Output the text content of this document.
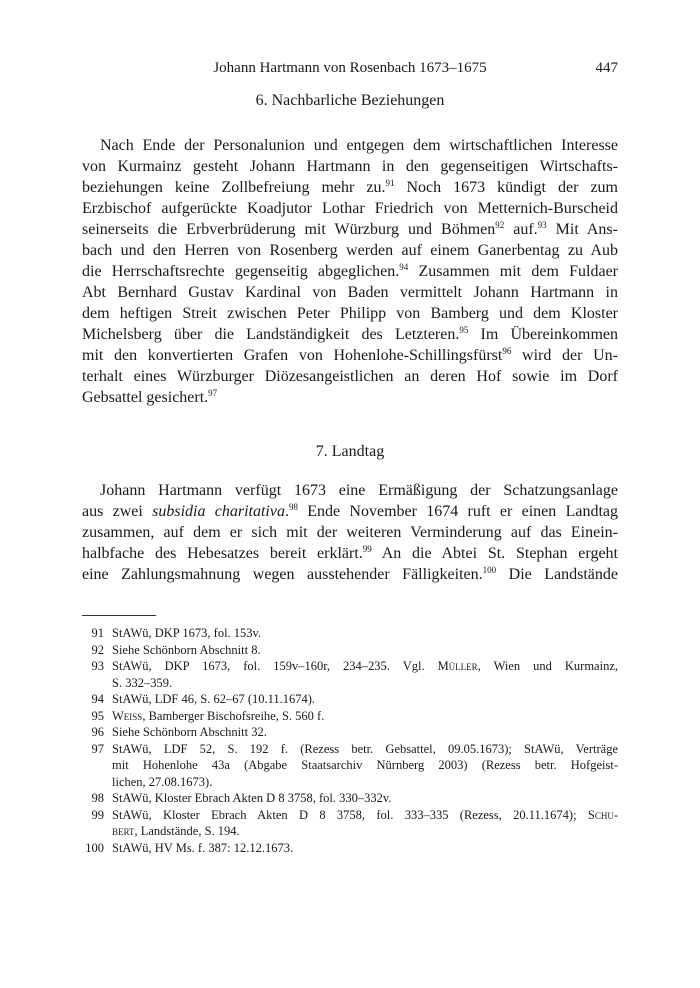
Johann Hartmann von Rosenbach 1673–1675	447
6. Nachbarliche Beziehungen
Nach Ende der Personalunion und entgegen dem wirtschaftlichen Interesse
von Kurmainz gesteht Johann Hartmann in den gegenseitigen Wirtschafts-
beziehungen keine Zollbefreiung mehr zu.$^{91}$ Noch 1673 kündigt der zum
Erzbischof aufgerückte Koadjutor Lothar Friedrich von Metternich-Burscheid
seinerseits die Erbverbrüderung mit Würzburg und Böhmen$^{92}$ auf.$^{93}$ Mit Ans-
bach und den Herren von Rosenberg werden auf einem Ganerbentag zu Aub
die Herrschaftsrechte gegenseitig abgeglichen.$^{94}$ Zusammen mit dem Fuldaer
Abt Bernhard Gustav Kardinal von Baden vermittelt Johann Hartmann in
dem heftigen Streit zwischen Peter Philipp von Bamberg und dem Kloster
Michelsberg über die Landständigkeit des Letzteren.$^{95}$ Im Übereinkommen
mit den konvertierten Grafen von Hohenlohe-Schillingsfürst$^{96}$ wird der Un-
terhalt eines Würzburger Diözesangeistlichen an deren Hof sowie im Dorf
Gebsattel gesichert.$^{97}$
7. Landtag
Johann Hartmann verfügt 1673 eine Ermäßigung der Schatzungsanlage
aus zwei subsidia charitativa.$^{98}$ Ende November 1674 ruft er einen Landtag
zusammen, auf dem er sich mit der weiteren Verminderung auf das Einein-
halbfache des Hebesatzes bereit erklärt.$^{99}$ An die Abtei St. Stephan ergeht
eine Zahlungsmahnung wegen ausstehender Fälligkeiten.$^{100}$ Die Landstände
91 StAWü, DKP 1673, fol. 153v.
92 Siehe Schönborn Abschnitt 8.
93 StAWü, DKP 1673, fol. 159v–160r, 234–235. Vgl. Müller, Wien und Kurmainz,
S. 332–359.
94 StAWü, LDF 46, S. 62–67 (10.11.1674).
95 Weiss, Bamberger Bischofsreihe, S. 560 f.
96 Siehe Schönborn Abschnitt 32.
97 StAWü, LDF 52, S. 192 f. (Rezess betr. Gebsattel, 09.05.1673); StAWü, Verträge
mit Hohenlohe 43a (Abgabe Staatsarchiv Nürnberg 2003) (Rezess betr. Hofgeist-
lichen, 27.08.1673).
98 StAWü, Kloster Ebrach Akten D 8 3758, fol. 330–332v.
99 StAWü, Kloster Ebrach Akten D 8 3758, fol. 333–335 (Rezess, 20.11.1674); Schu-
bert, Landstände, S. 194.
100 StAWü, HV Ms. f. 387: 12.12.1673.
